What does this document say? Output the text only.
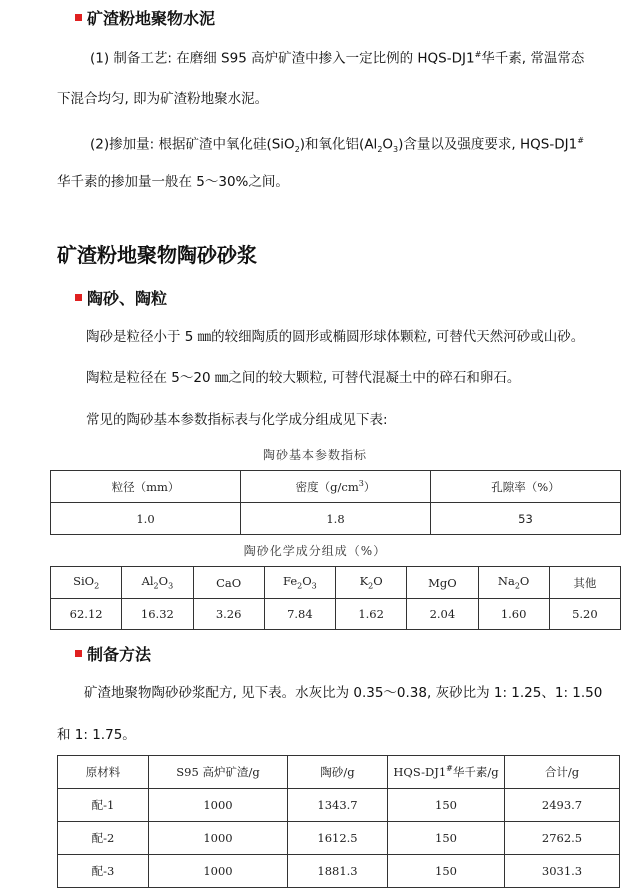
矿渣粉地聚物水泥
(1) 制备工艺: 在磨细 S95 高炉矿渣中掺入一定比例的 HQS-DJ1#华千素, 常温常态
下混合均匀, 即为矿渣粉地聚水泥。
(2)掺加量: 根据矿渣中氧化硅(SiO$_2$)和氧化铝$(Al_2O_3)$含量以及强度要求, HQS-DJ1#
华千素的掺加量一般在 5～30%之间。
矿渣粉地聚物陶砂砂浆
陶砂、陶粒
陶砂是粒径小于 5 ㎜的较细陶质的圆形或椭圆形球体颗粒, 可替代天然河砂或山砂。
陶粒是粒径在 5～20 ㎜之间的较大颗粒, 可替代混凝土中的碎石和卵石。
常见的陶砂基本参数指标表与化学成分组成见下表:
陶砂基本参数指标
粒径（mm）	密度$(g/cm^3)$	孔隙率（%）
1.0	1.8	53
陶砂化学成分组成（%）
SiO$_2$	$Al_2O_3$	CaO	$Fe_2O_3$	$K_2O$	MgO	$Na_2O$	其他
62.12	16.32	3.26	7.84	1.62	2.04	1.60	5.20
制备方法
矿渣地聚物陶砂砂浆配方, 见下表。水灰比为 0.35～0.38, 灰砂比为 1: 1.25、1: 1.50
和 1: 1.75。
原材料	S95 高炉矿渣/g	陶砂/g	HQS-DJ1#华千素/g	合计/g
配-1	1000	1343.7	150	2493.7
配-2	1000	1612.5	150	2762.5
配-3	1000	1881.3	150	3031.3
